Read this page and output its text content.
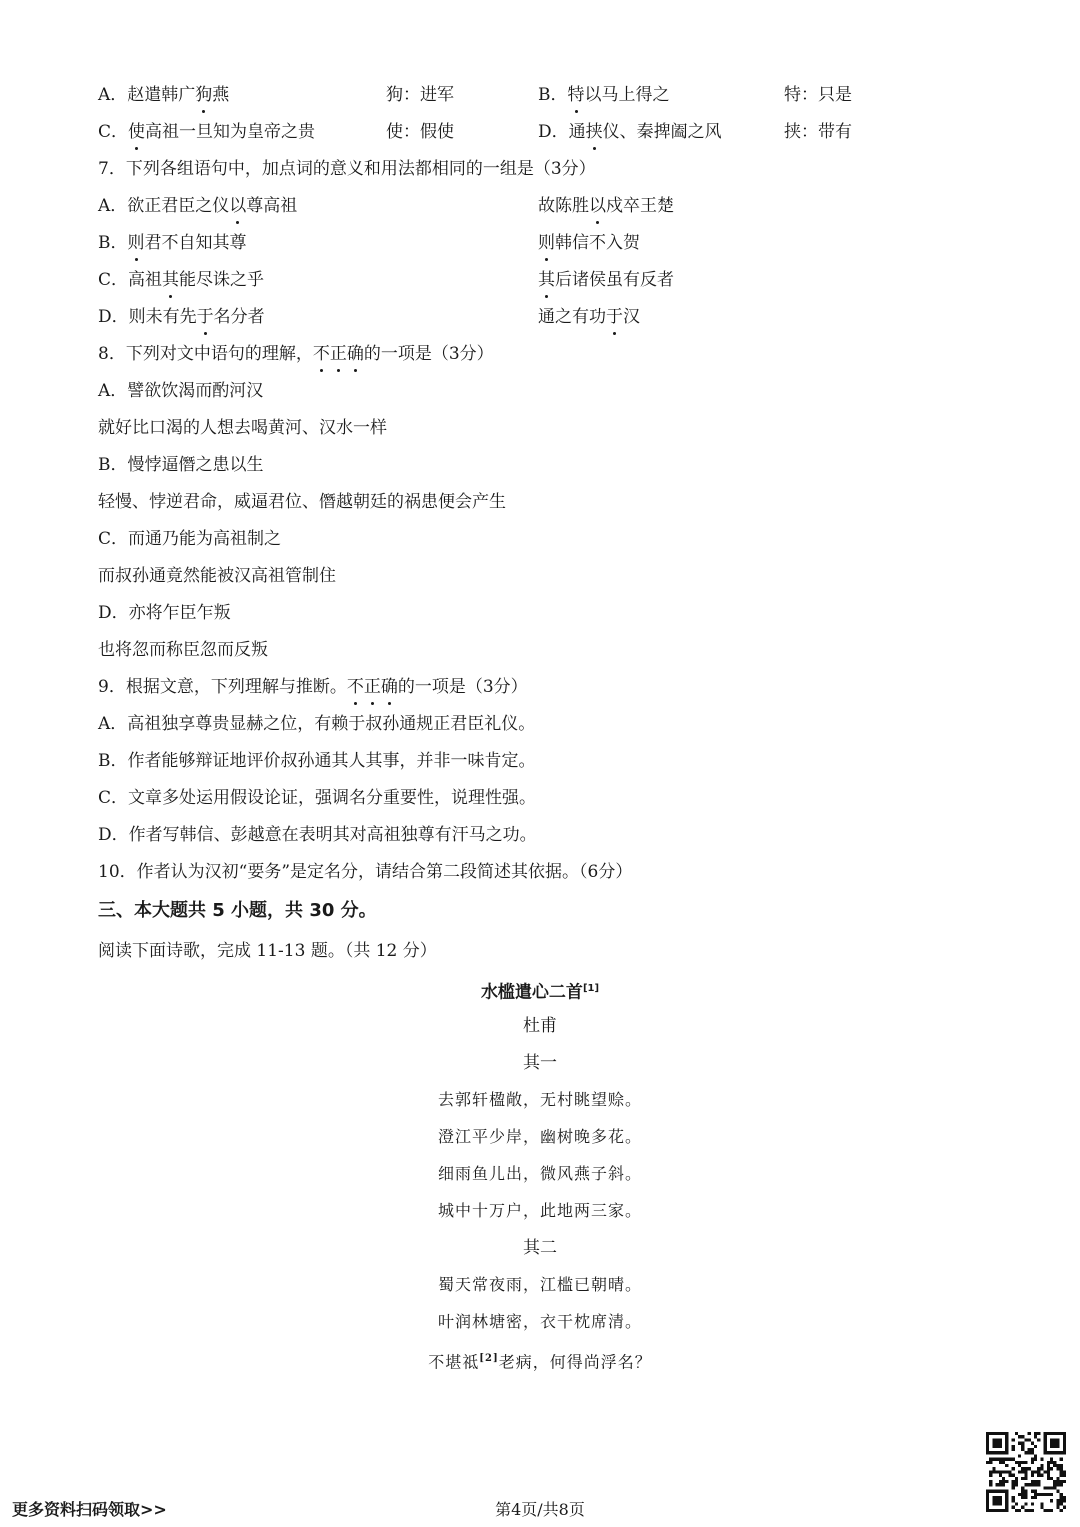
A．赵遣韩广狗燕	狗：进军	B．特以马上得之	特：只是
C．使高祖一旦知为皇帝之贵	使：假使	D．通挟仪、秦捭阖之风	挟：带有
7．下列各组语句中，加点词的意义和用法都相同的一组是（3分）
A．欲正君臣之仪以尊高祖	故陈胜以戍卒王楚
B．则君不自知其尊	则韩信不入贺
C．高祖其能尽诛之乎	其后诸侯虽有反者
D．则未有先于名分者	通之有功于汉
8．下列对文中语句的理解，不正确的一项是（3分）
A．譬欲饮渴而酌河汉
就好比口渴的人想去喝黄河、汉水一样
B．慢悖逼僭之患以生
轻慢、悖逆君命，威逼君位、僭越朝廷的祸患便会产生
C．而通乃能为高祖制之
而叔孙通竟然能被汉高祖管制住
D．亦将乍臣乍叛
也将忽而称臣忽而反叛
9．根据文意，下列理解与推断。不正确的一项是（3分）
A．高祖独享尊贵显赫之位，有赖于叔孙通规正君臣礼仪。
B．作者能够辩证地评价叔孙通其人其事，并非一味肯定。
C．文章多处运用假设论证，强调名分重要性，说理性强。
D．作者写韩信、彭越意在表明其对高祖独尊有汗马之功。
10．作者认为汉初“要务”是定名分，请结合第二段简述其依据。（6分）
三、本大题共 5 小题，共 30 分。
阅读下面诗歌，完成 11-13 题。（共 12 分）
水槛遣心二首[1]
杜甫
其一
去郭轩楹敞，无村眺望赊。
澄江平少岸，幽树晚多花。
细雨鱼儿出，微风燕子斜。
城中十万户，此地两三家。
其二
蜀天常夜雨，江槛已朝晴。
叶润林塘密，衣干枕席清。
不堪祗[2]老病，何得尚浮名？
更多资料扫码领取>>	第4页/共8页
